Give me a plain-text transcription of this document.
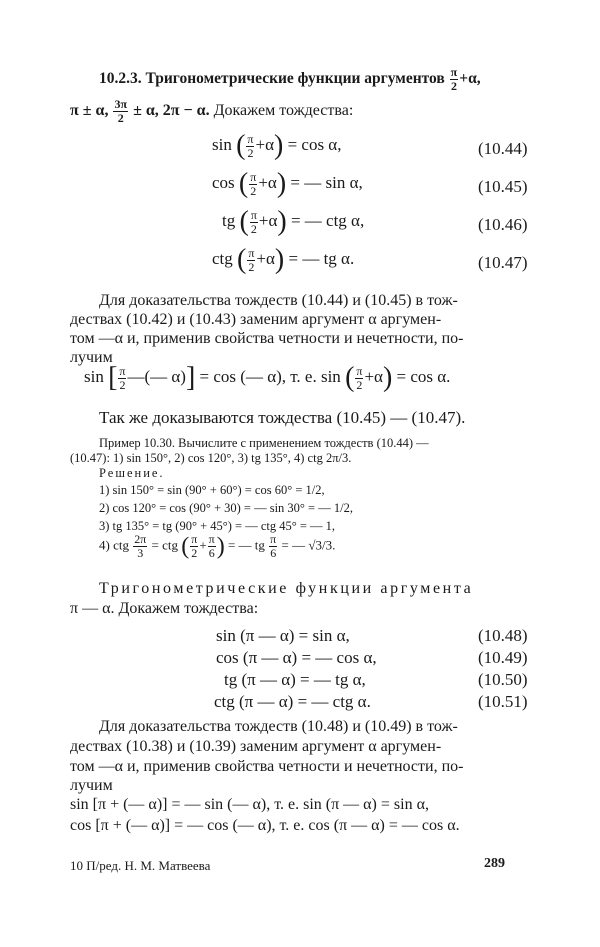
10.2.3. Тригонометрические функции аргументов $\frac{\pi}{2} +\alpha$,
π ± α, $\frac{3\pi}{2} \pm \alpha$, 2π − α. Докажем тождества:
sin ( $\frac{\pi}{2} +\alpha) = \cos \alpha$,	(10.44)
cos ( $\frac{\pi}{2} +\alpha$) = — sin α,	(10.45)
tg ( $\frac{\pi}{2} +\alpha$) = — ctg α,	(10.46)
ctg ( $\frac{\pi}{2} +\alpha$) = — tg α.	(10.47)
Для доказательства тождеств (10.44) и (10.45) в тож-
дествах (10.42) и (10.43) заменим аргумент α аргумен-
том —α и, применив свойства четности и нечетности, по-
лучим
sin [ $\frac{\pi}{2}$ —(— α)] = cos (— α), т. е. sin ( $\frac{\pi}{2} +\alpha) = \cos \alpha$.
Так же доказываются тождества (10.45) — (10.47).
Пример 10.30. Вычислите с применением тождеств (10.44) —
(10.47): 1) sin 150°, 2) cos 120°, 3) tg 135°, 4) ctg 2π/3.
Решение.
1) sin 150° = sin (90° + 60°) = cos 60° = 1/2,
2) cos 120° = cos (90° + 30) = — sin 30° = — 1/2,
3) tg 135° = tg (90° + 45°) = — ctg 45° = — 1,
4) ctg $\frac{2\pi}{3}$ = ctg ( $\frac{\pi}{2} + \frac{\pi}{6}$ ) = — tg $\frac{\pi}{6}$ = — √3/3.
Тригонометрические функции аргумента
π — α. Докажем тождества:
sin (π — α) = sin α,	(10.48)
cos (π — α) = — cos α,	(10.49)
tg (π — α) = — tg α,	(10.50)
ctg (π — α) = — ctg α.	(10.51)
Для доказательства тождеств (10.48) и (10.49) в тож-
дествах (10.38) и (10.39) заменим аргумент α аргумен-
том —α и, применив свойства четности и нечетности, по-
лучим
sin [π + (— α)] = — sin (— α), т. е. sin (π — α) = sin α,
cos [π + (— α)] = — cos (— α), т. е. cos (π — α) = — cos α.
10 П/ред. Н. М. Матвеева	289
